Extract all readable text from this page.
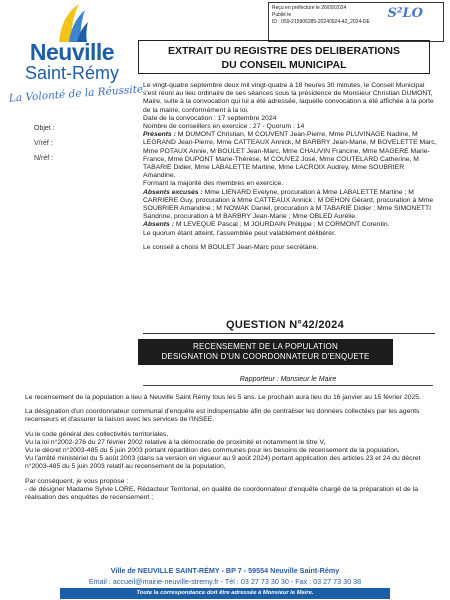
Reçu en préfecture le 26/09/2024
Publié le
ID : 059-215906285-20240924-42_2024-DE
S²LO
Neuville
Saint-Rémy
La Volonté de la Réussite
Objet :
V/réf :
N/réf :
EXTRAIT DU REGISTRE DES DELIBERATIONS
DU CONSEIL MUNICIPAL

Le vingt-quatre septembre deux mil vingt-quatre à 18 heures 30 minutes, le Conseil Municipal s'est réuni au lieu ordinaire de ses séances sous la présidence de Monsieur Christian DUMONT, Maire, suite à la convocation qui lui a été adressée, laquelle convocation a été affichée à la porte de la mairie, conformément à la loi.

Date de la convocation : 17 septembre 2024

Nombre de conseillers en exercice : 27 - Quorum : 14

Présents : M DUMONT Christian, M COUVENT Jean-Pierre, Mme PLUVINAGE Nadine, M LEGRAND Jean-Pierre, Mme CATTEAUX Annick, M BARBRY Jean-Marie, M BOVELETTE Marc, Mme POTAUX Annie, M BOULET Jean-Marc, Mme CHAUVIN Francine, Mme MAGERE Marie-France, Mme DUPONT Marie-Thérèse, M COUVEZ José, Mme COUTELARD Catherine, M TABARIE Didier, Mme LABALETTE Martine, Mme LACROIX Audrey, Mme SOUBRIER Amandine.

Formant la majorité des membres en exercice.

Absents excusés : Mme LIENARD Evelyne, procuration à Mme LABALETTE Martine ; M CARRIERE Guy, procuration à Mme CATTEAUX Annick ; M DEHON Gérard, procuration à Mme SOUBRIER Amandine ; M NOWAK Daniel, procuration à M TABARIE Didier ; Mme SIMONETTI Sandrine, procuration à M BARBRY Jean-Marie ; Mme OBLED Aurélie.

Absents : M LEVEQUE Pascal ; M JOURDAIN Philippe ; M CORMONT Corentin.

Le quorum étant atteint, l'assemblée peut valablement délibérer.

Le conseil a choisi M BOULET Jean-Marc pour secrétaire.

QUESTION N°42/2024
RECENSEMENT DE LA POPULATION
DESIGNATION D'UN COORDONNATEUR D'ENQUETE
Rapporteur : Monsieur le Maire

Le recensement de la population a lieu à Neuville Saint Rémy tous les 5 ans. Le prochain aura lieu du 16 janvier au 15 février 2025.

La désignation d'un coordonnateur communal d'enquête est indispensable afin de centraliser les données collectées par les agents recenseurs et d'assurer la liaison avec les services de l'INSEE.

Vu le code général des collectivités territoriales,
Vu la loi n°2002-276 du 27 février 2002 relative à la démocratie de proximité et notamment le titre V,
Vu le décret n°2003-485 du 5 juin 2003 portant répartition des communes pour les besoins de recensement de la population,
Vu l'arrêté ministériel du 5 août 2003 (dans sa version en vigueur au 9 août 2024) portant application des articles 23 et 24 du décret n°2003-485 du 5 juin 2003 relatif au recensement de la population,

Par conséquent, je vous propose :
- de désigner Madame Sylvie LORE, Rédacteur Territorial, en qualité de coordonnateur d'enquête chargé de la préparation et de la réalisation des enquêtes de recensement ;

Ville de NEUVILLE SAINT-RÉMY - BP 7 - 59554 Neuville Saint-Rémy
Email : accueil@mairie-neuville-stremy.fr - Tél : 03 27 73 30 30 - Fax : 03 27 73 30 38
Toute la correspondance doit être adressée à Monsieur le Maire.
